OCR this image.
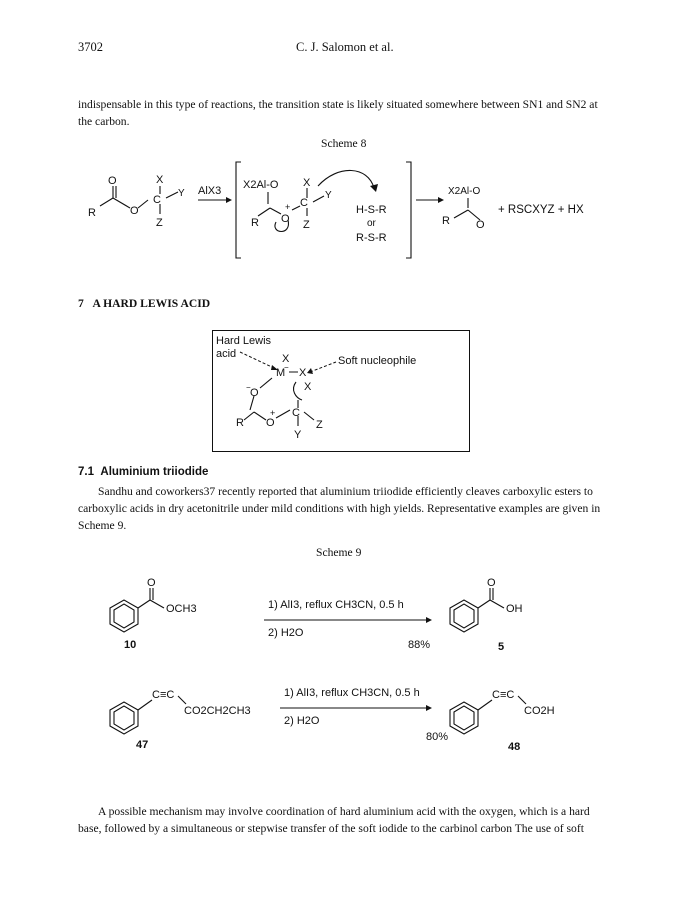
3702	C. J. Salomon et al.
indispensable in this type of reactions, the transition state is likely situated somewhere between SN1 and SN2 at the carbon.
Scheme 8
O
R	O
C
X
Z
Y AlX3 X2Al-O
R O
+ C
X
Z
Y
H-S-R
or
R-S-R
X2Al-O
R O
+ RSCXYZ + HX
7 A HARD LEWIS ACID
Hard Lewis
acid	X
M
− X
Soft nucleophile
X
O
−
R O
+ C
Z
Y
7.1 Aluminium triiodide
Sandhu and coworkers37 recently reported that aluminium triiodide efficiently cleaves carboxylic esters to carboxylic acids in dry acetonitrile under mild conditions with high yields. Representative examples are given in Scheme 9.
Scheme 9
O
OCH3
10
1) AlI3, reflux CH3CN, 0.5 h
2) H2O
88%
O
OH
5
C≡C
CO2CH2CH3
47
1) AlI3, reflux CH3CN, 0.5 h
2) H2O
80%
C≡C
CO2H
48
A possible mechanism may involve coordination of hard aluminium acid with the oxygen, which is a hard base, followed by a simultaneous or stepwise transfer of the soft iodide to the carbinol carbon The use of soft
